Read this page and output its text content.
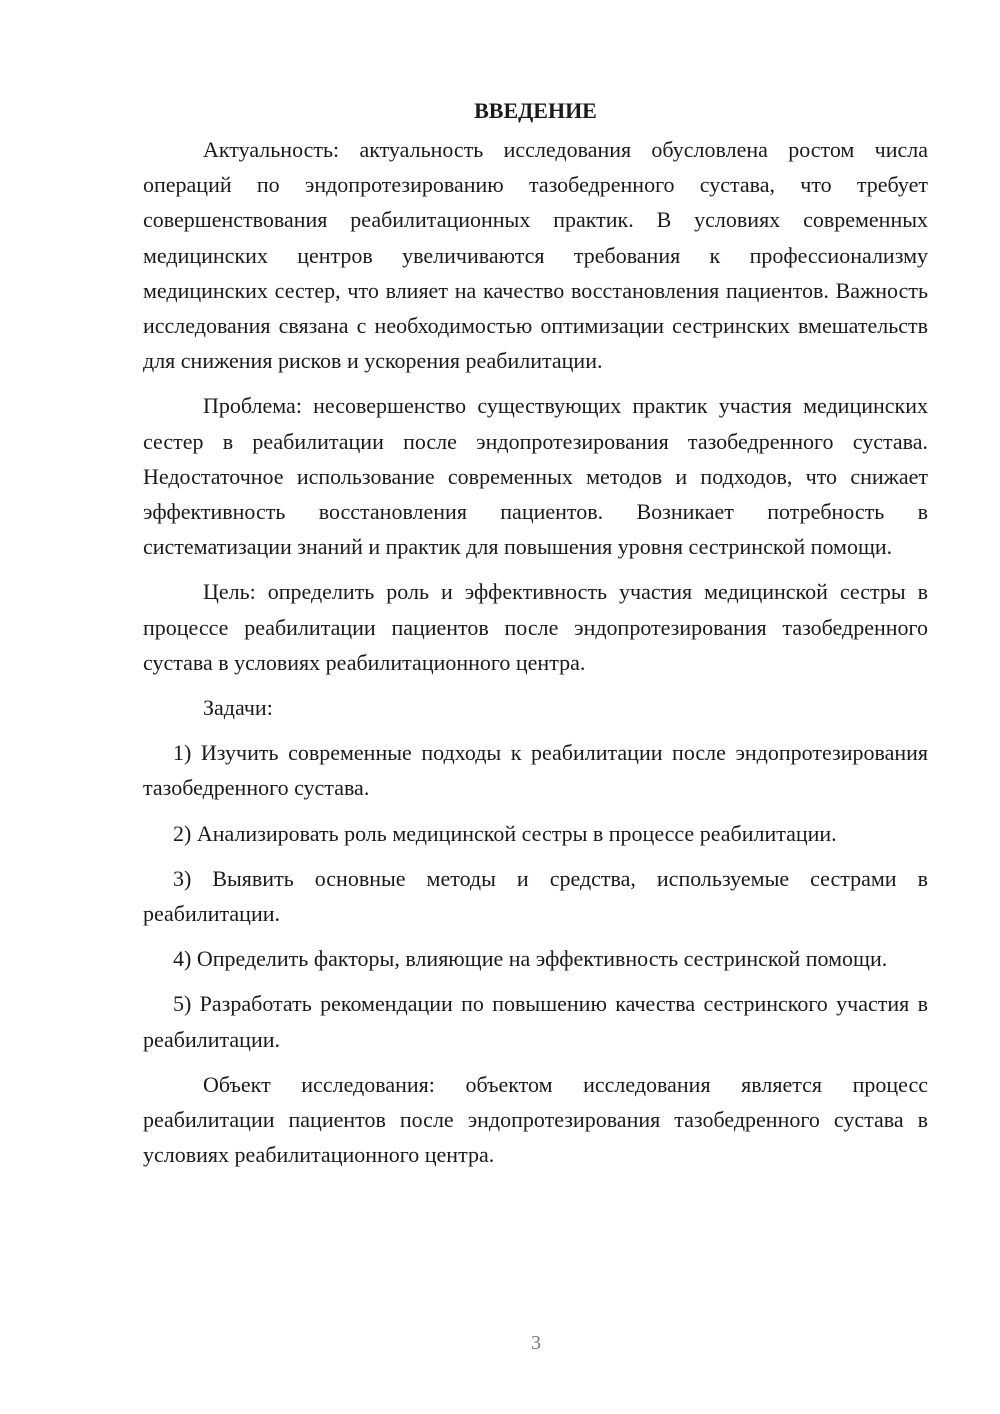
ВВЕДЕНИЕ

Актуальность: актуальность исследования обусловлена ростом числа операций по эндопротезированию тазобедренного сустава, что требует совершенствования реабилитационных практик. В условиях современных медицинских центров увеличиваются требования к профессионализму медицинских сестер, что влияет на качество восстановления пациентов. Важность исследования связана с необходимостью оптимизации сестринских вмешательств для снижения рисков и ускорения реабилитации.

Проблема: несовершенство существующих практик участия медицинских сестер в реабилитации после эндопротезирования тазобедренного сустава. Недостаточное использование современных методов и подходов, что снижает эффективность восстановления пациентов. Возникает потребность в систематизации знаний и практик для повышения уровня сестринской помощи.

Цель: определить роль и эффективность участия медицинской сестры в процессе реабилитации пациентов после эндопротезирования тазобедренного сустава в условиях реабилитационного центра.

Задачи:

1) Изучить современные подходы к реабилитации после эндопротезирования тазобедренного сустава.

2) Анализировать роль медицинской сестры в процессе реабилитации.

3) Выявить основные методы и средства, используемые сестрами в реабилитации.

4) Определить факторы, влияющие на эффективность сестринской помощи.

5) Разработать рекомендации по повышению качества сестринского участия в реабилитации.

Объект исследования: объектом исследования является процесс реабилитации пациентов после эндопротезирования тазобедренного сустава в условиях реабилитационного центра.

3
